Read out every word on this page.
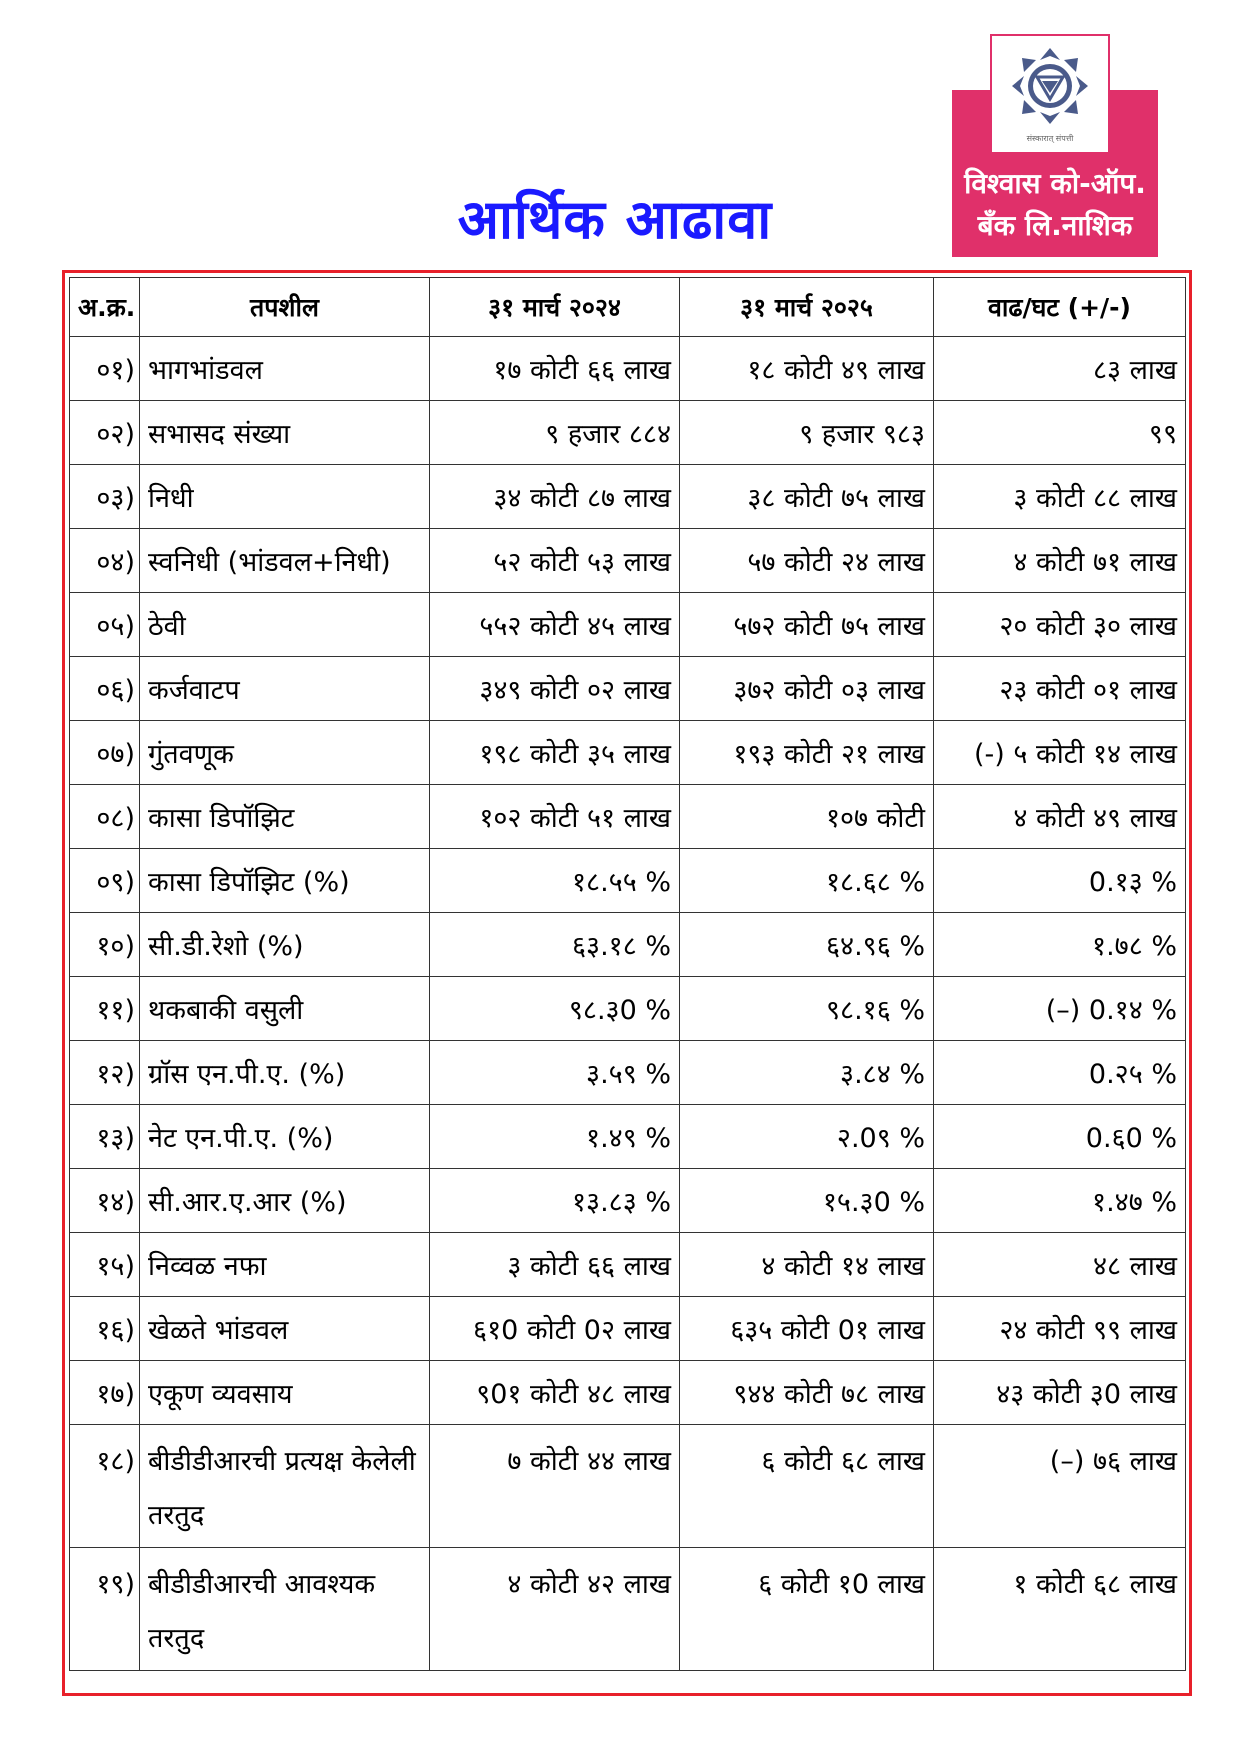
आर्थिक आढावा
संस्कारात् संपत्ती
विश्वास को-ऑप.
बँक लि.नाशिक
अ.क्र.	तपशील	३१ मार्च २०२४	३१ मार्च २०२५	वाढ/घट (+/-)
०१)	भागभांडवल	१७ कोटी ६६ लाख	१८ कोटी ४९ लाख	८३ लाख
०२)	सभासद संख्या	९ हजार ८८४	९ हजार ९८३	९९
०३)	निधी	३४ कोटी ८७ लाख	३८ कोटी ७५ लाख	३ कोटी ८८ लाख
०४)	स्वनिधी (भांडवल+निधी)	५२ कोटी ५३ लाख	५७ कोटी २४ लाख	४ कोटी ७१ लाख
०५)	ठेवी	५५२ कोटी ४५ लाख	५७२ कोटी ७५ लाख	२० कोटी ३० लाख
०६)	कर्जवाटप	३४९ कोटी ०२ लाख	३७२ कोटी ०३ लाख	२३ कोटी ०१ लाख
०७)	गुंतवणूक	१९८ कोटी ३५ लाख	१९३ कोटी २१ लाख	(-) ५ कोटी १४ लाख
०८)	कासा डिपॉझिट	१०२ कोटी ५१ लाख	१०७ कोटी	४ कोटी ४९ लाख
०९)	कासा डिपॉझिट (%)	१८.५५ %	१८.६८ %	0.१३ %
१०)	सी.डी.रेशो (%)	६३.१८ %	६४.९६ %	१.७८ %
११)	थकबाकी वसुली	९८.३0 %	९८.१६ %	(–) 0.१४ %
१२)	ग्रॉस एन.पी.ए. (%)	३.५९ %	३.८४ %	0.२५ %
१३)	नेट एन.पी.ए. (%)	१.४९ %	२.0९ %	0.६0 %
१४)	सी.आर.ए.आर (%)	१३.८३ %	१५.३0 %	१.४७ %
१५)	निव्वळ नफा	३ कोटी ६६ लाख	४ कोटी १४ लाख	४८ लाख
१६)	खेळते भांडवल	६१0 कोटी 0२ लाख	६३५ कोटी 0१ लाख	२४ कोटी ९९ लाख
१७)	एकूण व्यवसाय	९0१ कोटी ४८ लाख	९४४ कोटी ७८ लाख	४३ कोटी ३0 लाख
१८)	बीडीडीआरची प्रत्यक्ष केलेली तरतुद	७ कोटी ४४ लाख	६ कोटी ६८ लाख	(–) ७६ लाख
१९)	बीडीडीआरची आवश्यक तरतुद	४ कोटी ४२ लाख	६ कोटी १0 लाख	१ कोटी ६८ लाख
